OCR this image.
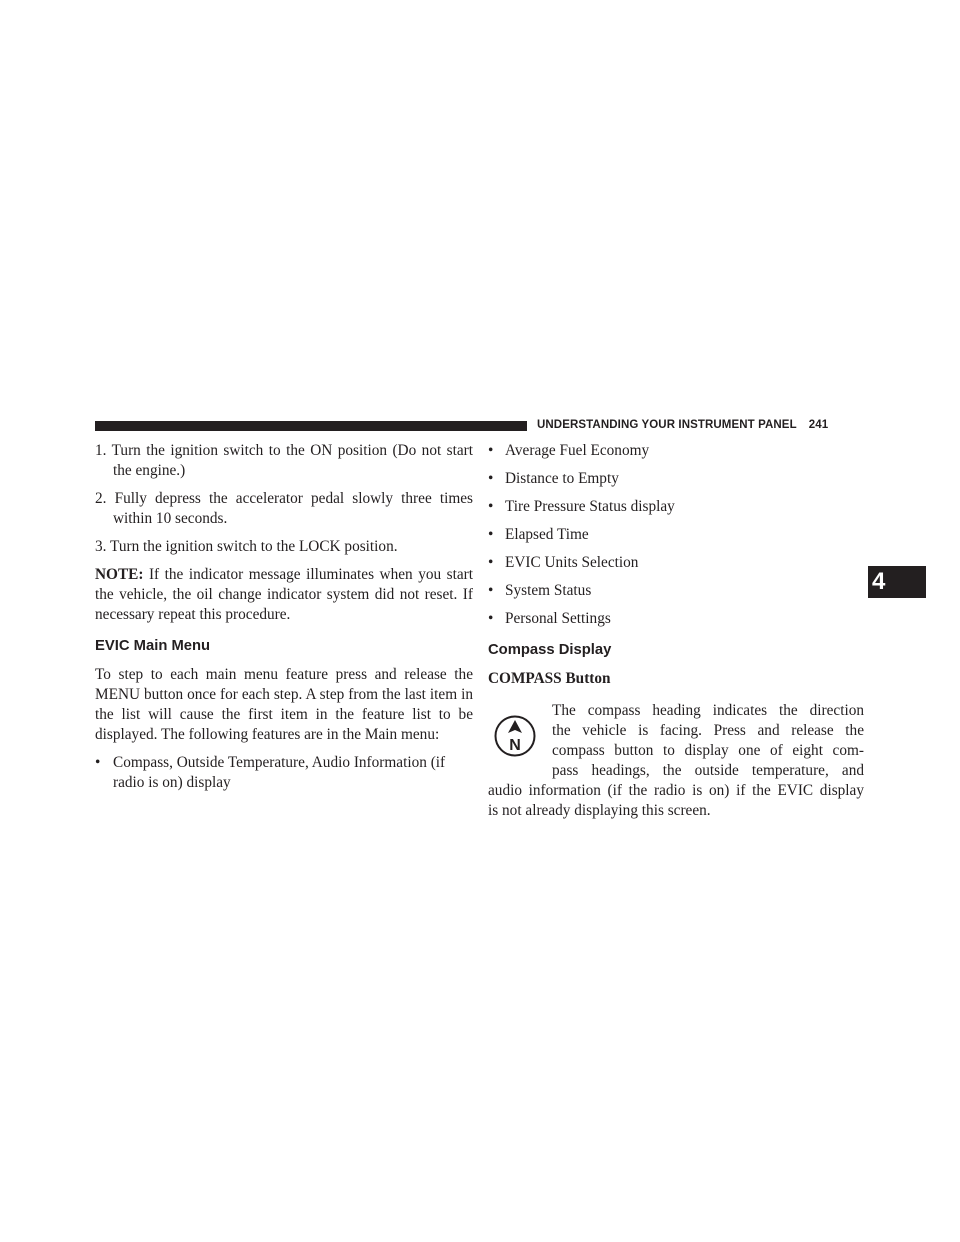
UNDERSTANDING YOUR INSTRUMENT PANEL 241
4

1. Turn the ignition switch to the ON position (Do not start the engine.)

2. Fully depress the accelerator pedal slowly three times within 10 seconds.

3. Turn the ignition switch to the LOCK position.

NOTE: If the indicator message illuminates when you start the vehicle, the oil change indicator system did not reset. If necessary repeat this procedure.

EVIC Main Menu

To step to each main menu feature press and release the MENU button once for each step. A step from the last item in the list will cause the first item in the feature list to be displayed. The following features are in the Main menu:

• Compass, Outside Temperature, Audio Information (if radio is on) display

• Average Fuel Economy
• Distance to Empty
• Tire Pressure Status display
• Elapsed Time
• EVIC Units Selection
• System Status
• Personal Settings
Compass Display
COMPASS Button
N

The compass heading indicates the direction
the vehicle is facing. Press and release the
compass button to display one of eight com-
pass headings, the outside temperature, and

audio information (if the radio is on) if the EVIC display
is not already displaying this screen.
